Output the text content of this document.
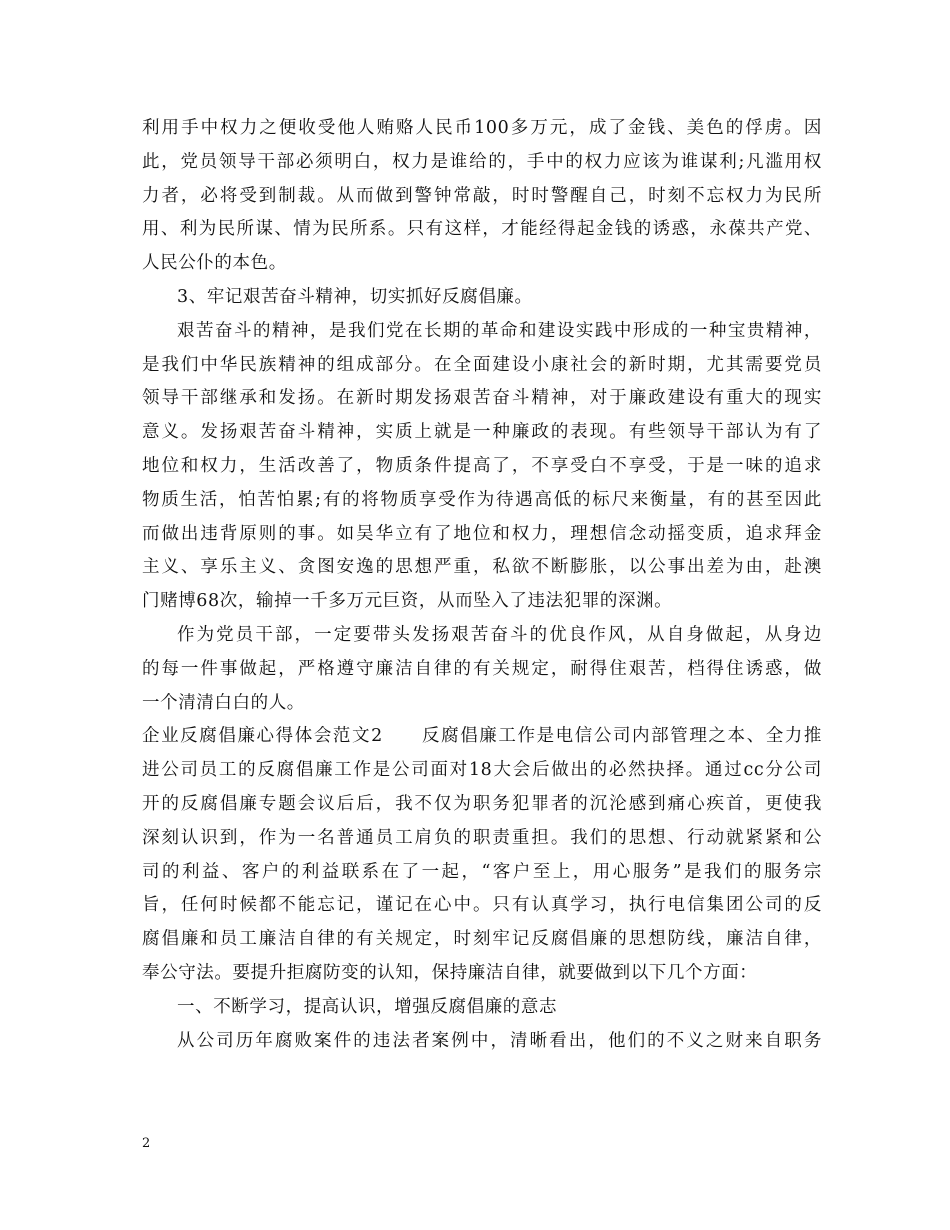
利用手中权力之便收受他人贿赂人民币100多万元，成了金钱、美色的俘虏。因
此，党员领导干部必须明白，权力是谁给的，手中的权力应该为谁谋利;凡滥用权
力者，必将受到制裁。从而做到警钟常敲，时时警醒自己，时刻不忘权力为民所
用、利为民所谋、情为民所系。只有这样，才能经得起金钱的诱惑，永葆共产党、
人民公仆的本色。
3、牢记艰苦奋斗精神，切实抓好反腐倡廉。
艰苦奋斗的精神，是我们党在长期的革命和建设实践中形成的一种宝贵精神，
是我们中华民族精神的组成部分。在全面建设小康社会的新时期，尤其需要党员
领导干部继承和发扬。在新时期发扬艰苦奋斗精神，对于廉政建设有重大的现实
意义。发扬艰苦奋斗精神，实质上就是一种廉政的表现。有些领导干部认为有了
地位和权力，生活改善了，物质条件提高了，不享受白不享受，于是一味的追求
物质生活，怕苦怕累;有的将物质享受作为待遇高低的标尺来衡量，有的甚至因此
而做出违背原则的事。如吴华立有了地位和权力，理想信念动摇变质，追求拜金
主义、享乐主义、贪图安逸的思想严重，私欲不断膨胀，以公事出差为由，赴澳
门赌博68次，输掉一千多万元巨资，从而坠入了违法犯罪的深渊。
作为党员干部，一定要带头发扬艰苦奋斗的优良作风，从自身做起，从身边
的每一件事做起，严格遵守廉洁自律的有关规定，耐得住艰苦，档得住诱惑，做
一个清清白白的人。
企业反腐倡廉心得体会范文2　　反腐倡廉工作是电信公司内部管理之本、全力推
进公司员工的反腐倡廉工作是公司面对18大会后做出的必然抉择。通过cc分公司
开的反腐倡廉专题会议后后，我不仅为职务犯罪者的沉沦感到痛心疾首，更使我
深刻认识到，作为一名普通员工肩负的职责重担。我们的思想、行动就紧紧和公
司的利益、客户的利益联系在了一起，“客户至上，用心服务”是我们的服务宗
旨，任何时候都不能忘记，谨记在心中。只有认真学习，执行电信集团公司的反
腐倡廉和员工廉洁自律的有关规定，时刻牢记反腐倡廉的思想防线，廉洁自律，
奉公守法。要提升拒腐防变的认知，保持廉洁自律，就要做到以下几个方面：
一、不断学习，提高认识，增强反腐倡廉的意志
从公司历年腐败案件的违法者案例中，清晰看出，他们的不义之财来自职务
2
